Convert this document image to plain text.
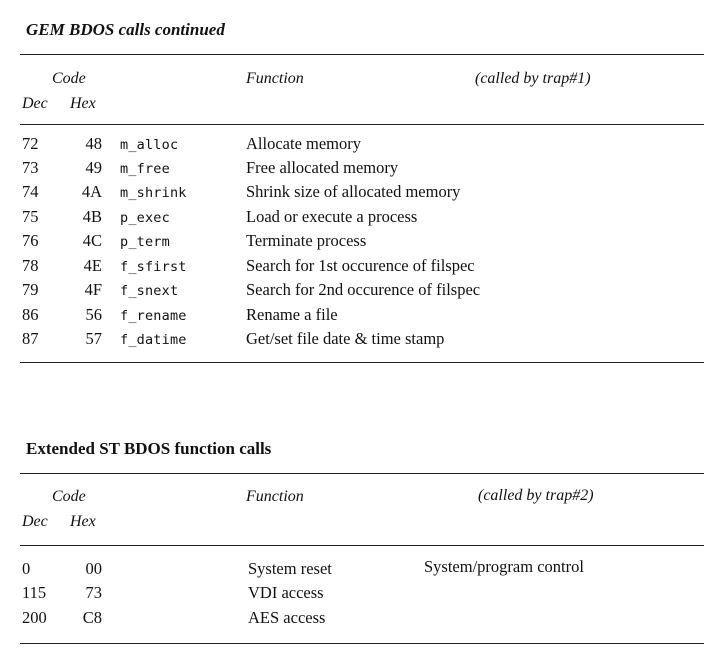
GEM BDOS calls continued
Code
Dec Hex
Function	(called by trap#1)
72	48 m_alloc	Allocate memory
73	49 m_free	Free allocated memory
74	4A m_shrink	Shrink size of allocated memory
75	4B p_exec	Load or execute a process
76	4C p_term	Terminate process
78	4E f_sfirst	Search for 1st occurence of filspec
79	4F f_snext	Search for 2nd occurence of filspec
86	56 f_rename	Rename a file
87	57 f_datime	Get/set file date & time stamp
Extended ST BDOS function calls
Code
Dec Hex
Function	(called by trap#2)
0	00	System reset	System/program control
115	73	VDI access
200	C8	AES access
